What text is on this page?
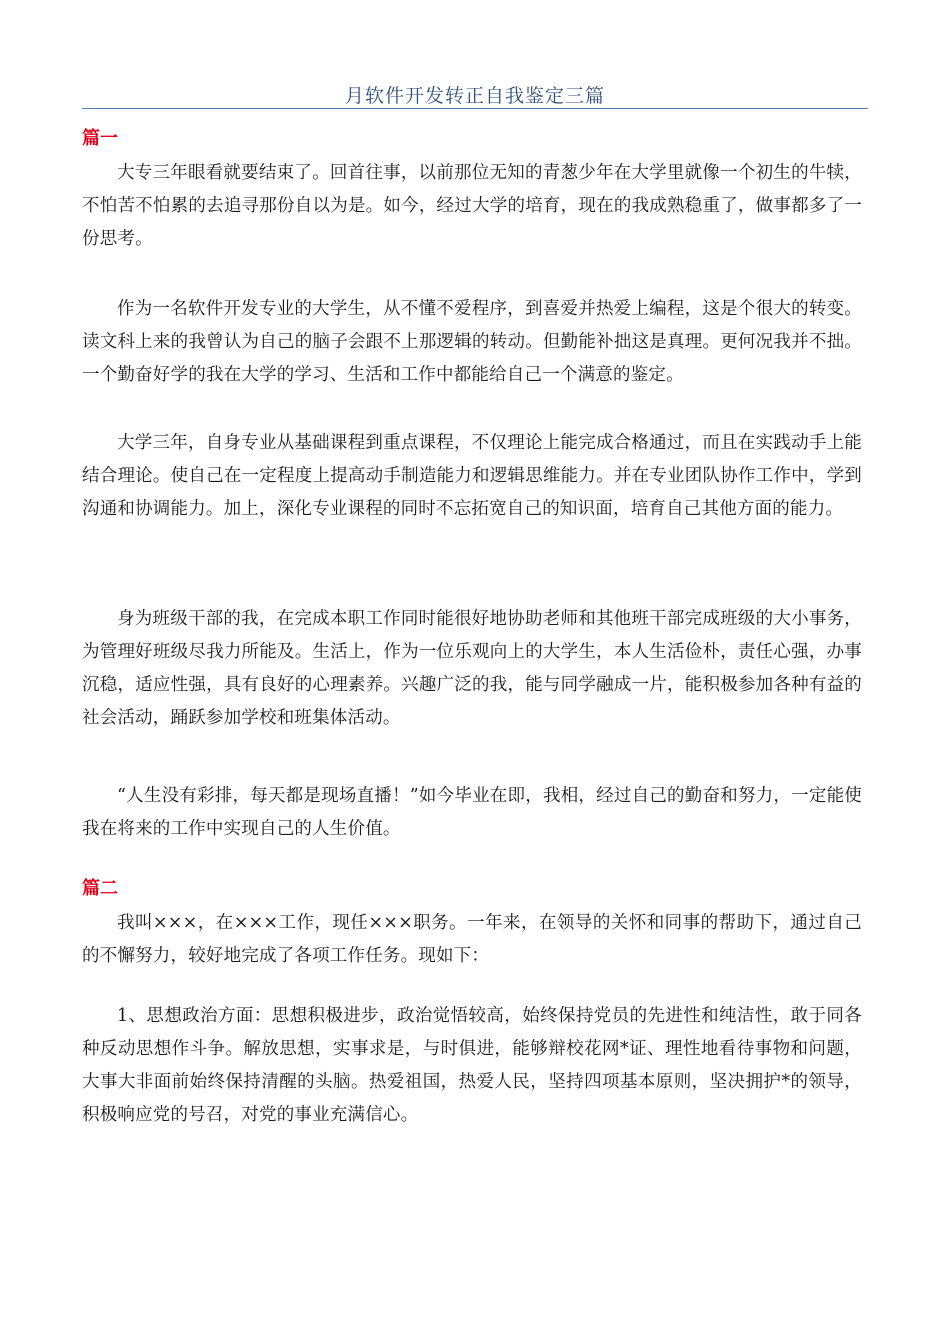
月软件开发转正自我鉴定三篇
篇一

大专三年眼看就要结束了。回首往事，以前那位无知的青葱少年在大学里就像一个初生的牛犊，不怕苦不怕累的去追寻那份自以为是。如今，经过大学的培育，现在的我成熟稳重了，做事都多了一份思考。

作为一名软件开发专业的大学生，从不懂不爱程序，到喜爱并热爱上编程，这是个很大的转变。读文科上来的我曾认为自己的脑子会跟不上那逻辑的转动。但勤能补拙这是真理。更何况我并不拙。一个勤奋好学的我在大学的学习、生活和工作中都能给自己一个满意的鉴定。

大学三年，自身专业从基础课程到重点课程，不仅理论上能完成合格通过，而且在实践动手上能结合理论。使自己在一定程度上提高动手制造能力和逻辑思维能力。并在专业团队协作工作中，学到沟通和协调能力。加上，深化专业课程的同时不忘拓宽自己的知识面，培育自己其他方面的能力。

身为班级干部的我，在完成本职工作同时能很好地协助老师和其他班干部完成班级的大小事务，为管理好班级尽我力所能及。生活上，作为一位乐观向上的大学生，本人生活俭朴，责任心强，办事沉稳，适应性强，具有良好的心理素养。兴趣广泛的我，能与同学融成一片，能积极参加各种有益的社会活动，踊跃参加学校和班集体活动。

“人生没有彩排，每天都是现场直播！”如今毕业在即，我相，经过自己的勤奋和努力，一定能使我在将来的工作中实现自己的人生价值。

篇二

我叫×××，在×××工作，现任×××职务。一年来，在领导的关怀和同事的帮助下，通过自己的不懈努力，较好地完成了各项工作任务。现如下：

1、思想政治方面：思想积极进步，政治觉悟较高，始终保持党员的先进性和纯洁性，敢于同各种反动思想作斗争。解放思想，实事求是，与时俱进，能够辩校花网*证、理性地看待事物和问题，大事大非面前始终保持清醒的头脑。热爱祖国，热爱人民，坚持四项基本原则，坚决拥护*的领导，积极响应党的号召，对党的事业充满信心。
